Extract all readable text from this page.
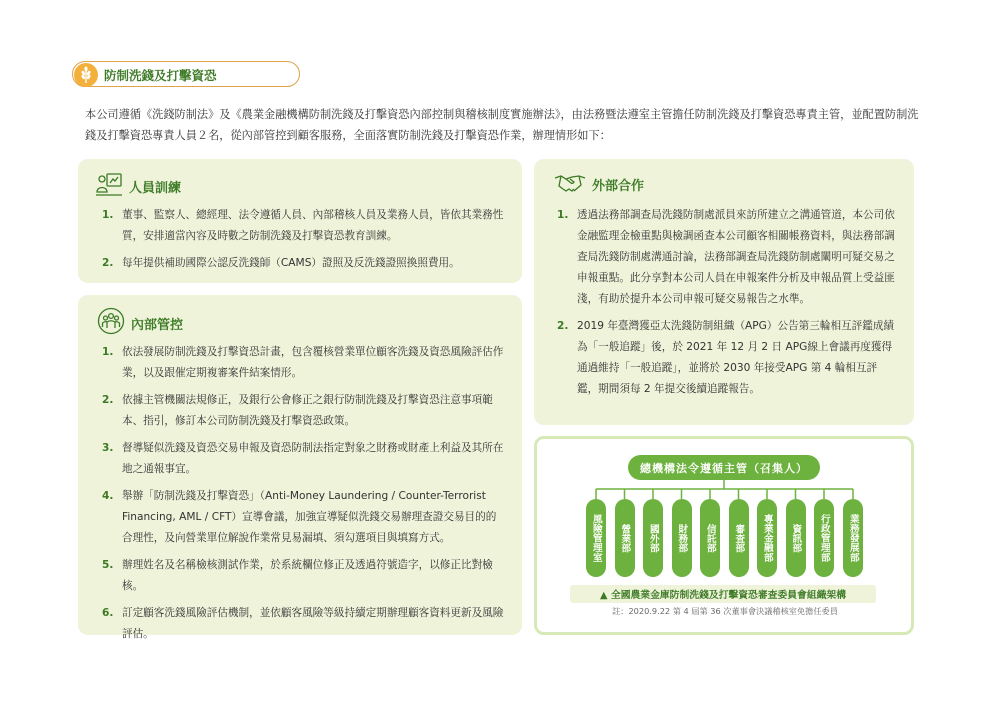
防制洗錢及打擊資恐
本公司遵循《洗錢防制法》及《農業金融機構防制洗錢及打擊資恐內部控制與稽核制度實施辦法》，由法務暨法遵室主管擔任防制洗錢及打擊資恐專責主管，並配置防制洗錢及打擊資恐專責人員２名，從內部管控到顧客服務，全面落實防制洗錢及打擊資恐作業，辦理情形如下：
人員訓練
1. 董事、監察人、總經理、法令遵循人員、內部稽核人員及業務人員，皆依其業務性質，安排適當內容及時數之防制洗錢及打擊資恐教育訓練。
2. 每年提供補助國際公認反洗錢師（CAMS）證照及反洗錢證照換照費用。
內部管控
1. 依法發展防制洗錢及打擊資恐計畫，包含覆核營業單位顧客洗錢及資恐風險評估作業，以及跟催定期複審案件結案情形。
2. 依據主管機關法規修正，及銀行公會修正之銀行防制洗錢及打擊資恐注意事項範本、指引，修訂本公司防制洗錢及打擊資恐政策。
3. 督導疑似洗錢及資恐交易申報及資恐防制法指定對象之財務或財產上利益及其所在地之通報事宜。
4. 舉辦「防制洗錢及打擊資恐」（Anti-Money Laundering / Counter-Terrorist Financing, AML / CFT）宣導會議，加強宣導疑似洗錢交易辦理查證交易目的的合理性，及向營業單位解說作業常見易漏填、須勾選項目與填寫方式。
5. 辦理姓名及名稱檢核測試作業，於系統欄位修正及透過符號造字，以修正比對檢核。
6. 訂定顧客洗錢風險評估機制，並依顧客風險等級持續定期辦理顧客資料更新及風險評估。
外部合作
1. 透過法務部調查局洗錢防制處派員來訪所建立之溝通管道，本公司依金融監理金檢重點與檢調函查本公司顧客相關帳務資料，與法務部調查局洗錢防制處溝通討論，法務部調查局洗錢防制處闡明可疑交易之申報重點。此分享對本公司人員在申報案件分析及申報品質上受益匪淺，有助於提升本公司申報可疑交易報告之水準。
2. 2019 年臺灣獲亞太洗錢防制組織（APG）公告第三輪相互評鑑成績為「一般追蹤」後，於 2021 年 12 月 2 日 APG線上會議再度獲得通過維持「一般追蹤」，並將於 2030 年接受APG 第 4 輪相互評鑑，期間須每 2 年提交後續追蹤報告。
總機構法令遵循主管（召集人）
風險管理室	營業部	國外部	財務部	信託部	審查部	專業金融部	資訊部	行政管理部	業務發展部
▲ 全國農業金庫防制洗錢及打擊資恐審查委員會組織架構
註：2020.9.22 第 4 屆第 36 次董事會決議稽核室免擔任委員
